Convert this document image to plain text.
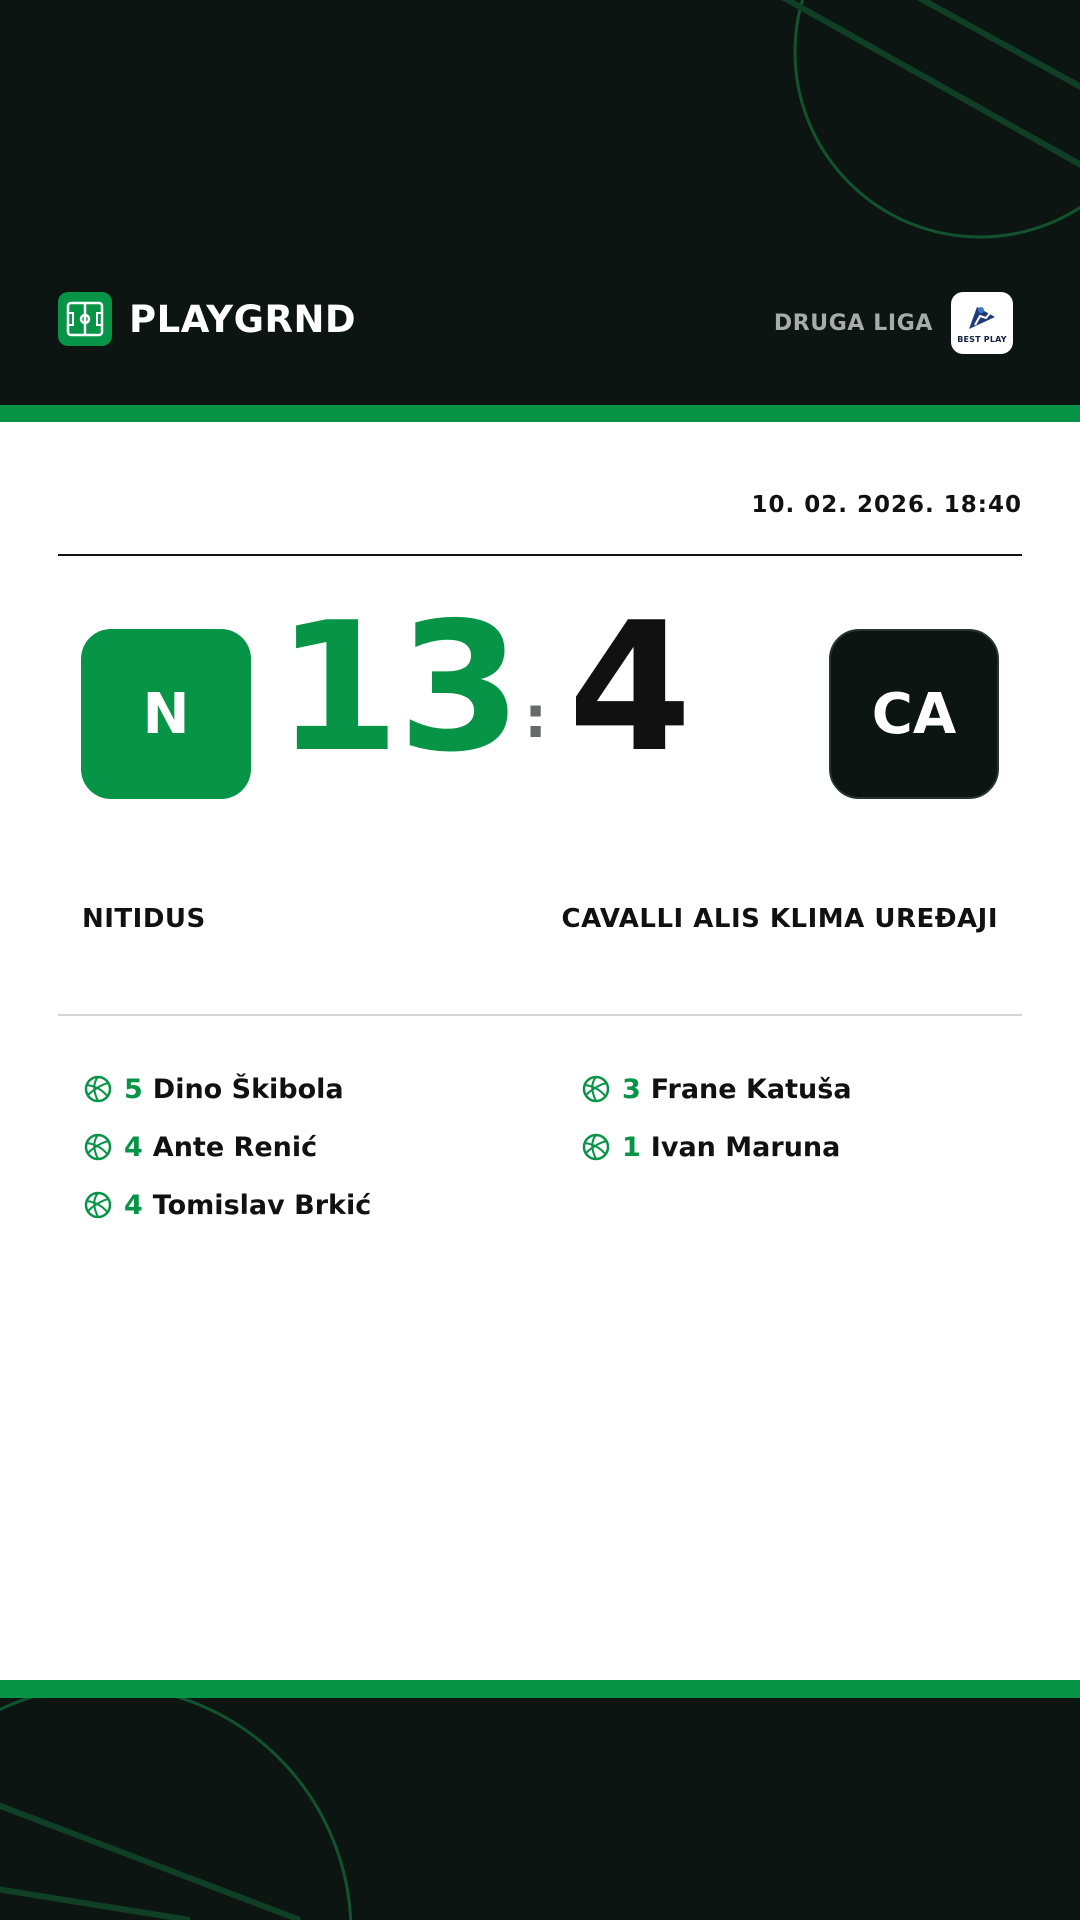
PLAYGRND	DRUGA LIGA
BEST PLAY
10. 02. 2026. 18:40
N 13 : 4	CA
NITIDUS	CAVALLI ALIS KLIMA UREĐAJI
5 Dino Škibola
4 Ante Renić
4 Tomislav Brkić
3 Frane Katuša
1 Ivan Maruna
